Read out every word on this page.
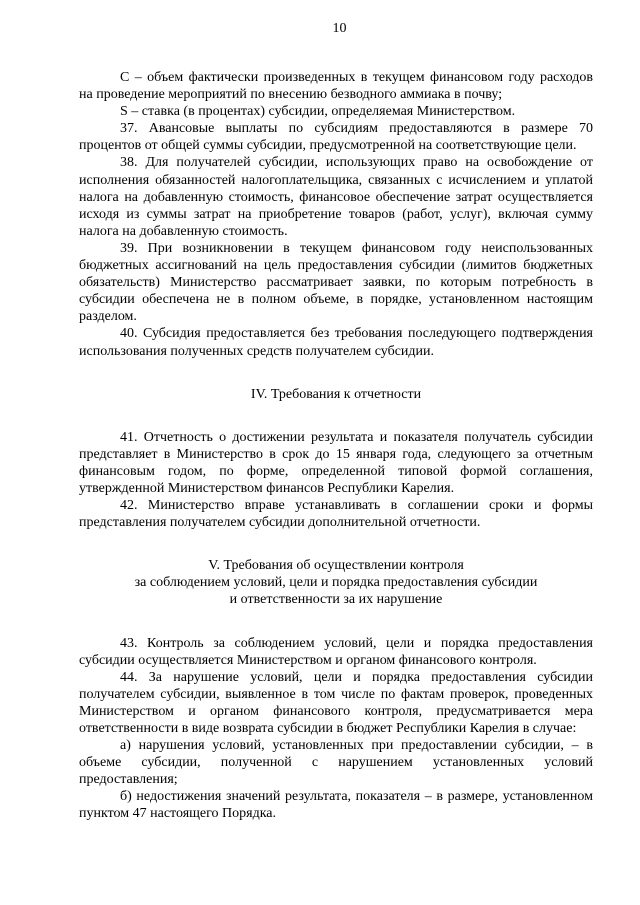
10

C – объем фактически произведенных в текущем финансовом году расходов на проведение мероприятий по внесению безводного аммиака в почву;

S – ставка (в процентах) субсидии, определяемая Министерством.

37. Авансовые выплаты по субсидиям предоставляются в размере 70 процентов от общей суммы субсидии, предусмотренной на соответствующие цели.

38. Для получателей субсидии, использующих право на освобождение от исполнения обязанностей налогоплательщика, связанных с исчислением и уплатой налога на добавленную стоимость, финансовое обеспечение затрат осуществляется исходя из суммы затрат на приобретение товаров (работ, услуг), включая сумму налога на добавленную стоимость.

39. При возникновении в текущем финансовом году неиспользованных бюджетных ассигнований на цель предоставления субсидии (лимитов бюджетных обязательств) Министерство рассматривает заявки, по которым потребность в субсидии обеспечена не в полном объеме, в порядке, установленном настоящим разделом.

40. Субсидия предоставляется без требования последующего подтверждения использования полученных средств получателем субсидии.

IV. Требования к отчетности

41. Отчетность о достижении результата и показателя получатель субсидии представляет в Министерство в срок до 15 января года, следующего за отчетным финансовым годом, по форме, определенной типовой формой соглашения, утвержденной Министерством финансов Республики Карелия.

42. Министерство вправе устанавливать в соглашении сроки и формы представления получателем субсидии дополнительной отчетности.

V. Требования об осуществлении контроля
за соблюдением условий, цели и порядка предоставления субсидии
и ответственности за их нарушение

43. Контроль за соблюдением условий, цели и порядка предоставления субсидии осуществляется Министерством и органом финансового контроля.

44. За нарушение условий, цели и порядка предоставления субсидии получателем субсидии, выявленное в том числе по фактам проверок, проведенных Министерством и органом финансового контроля, предусматривается мера ответственности в виде возврата субсидии в бюджет Республики Карелия в случае:

а) нарушения условий, установленных при предоставлении субсидии, – в объеме субсидии, полученной с нарушением установленных условий предоставления;

б) недостижения значений результата, показателя – в размере, установленном пунктом 47 настоящего Порядка.
